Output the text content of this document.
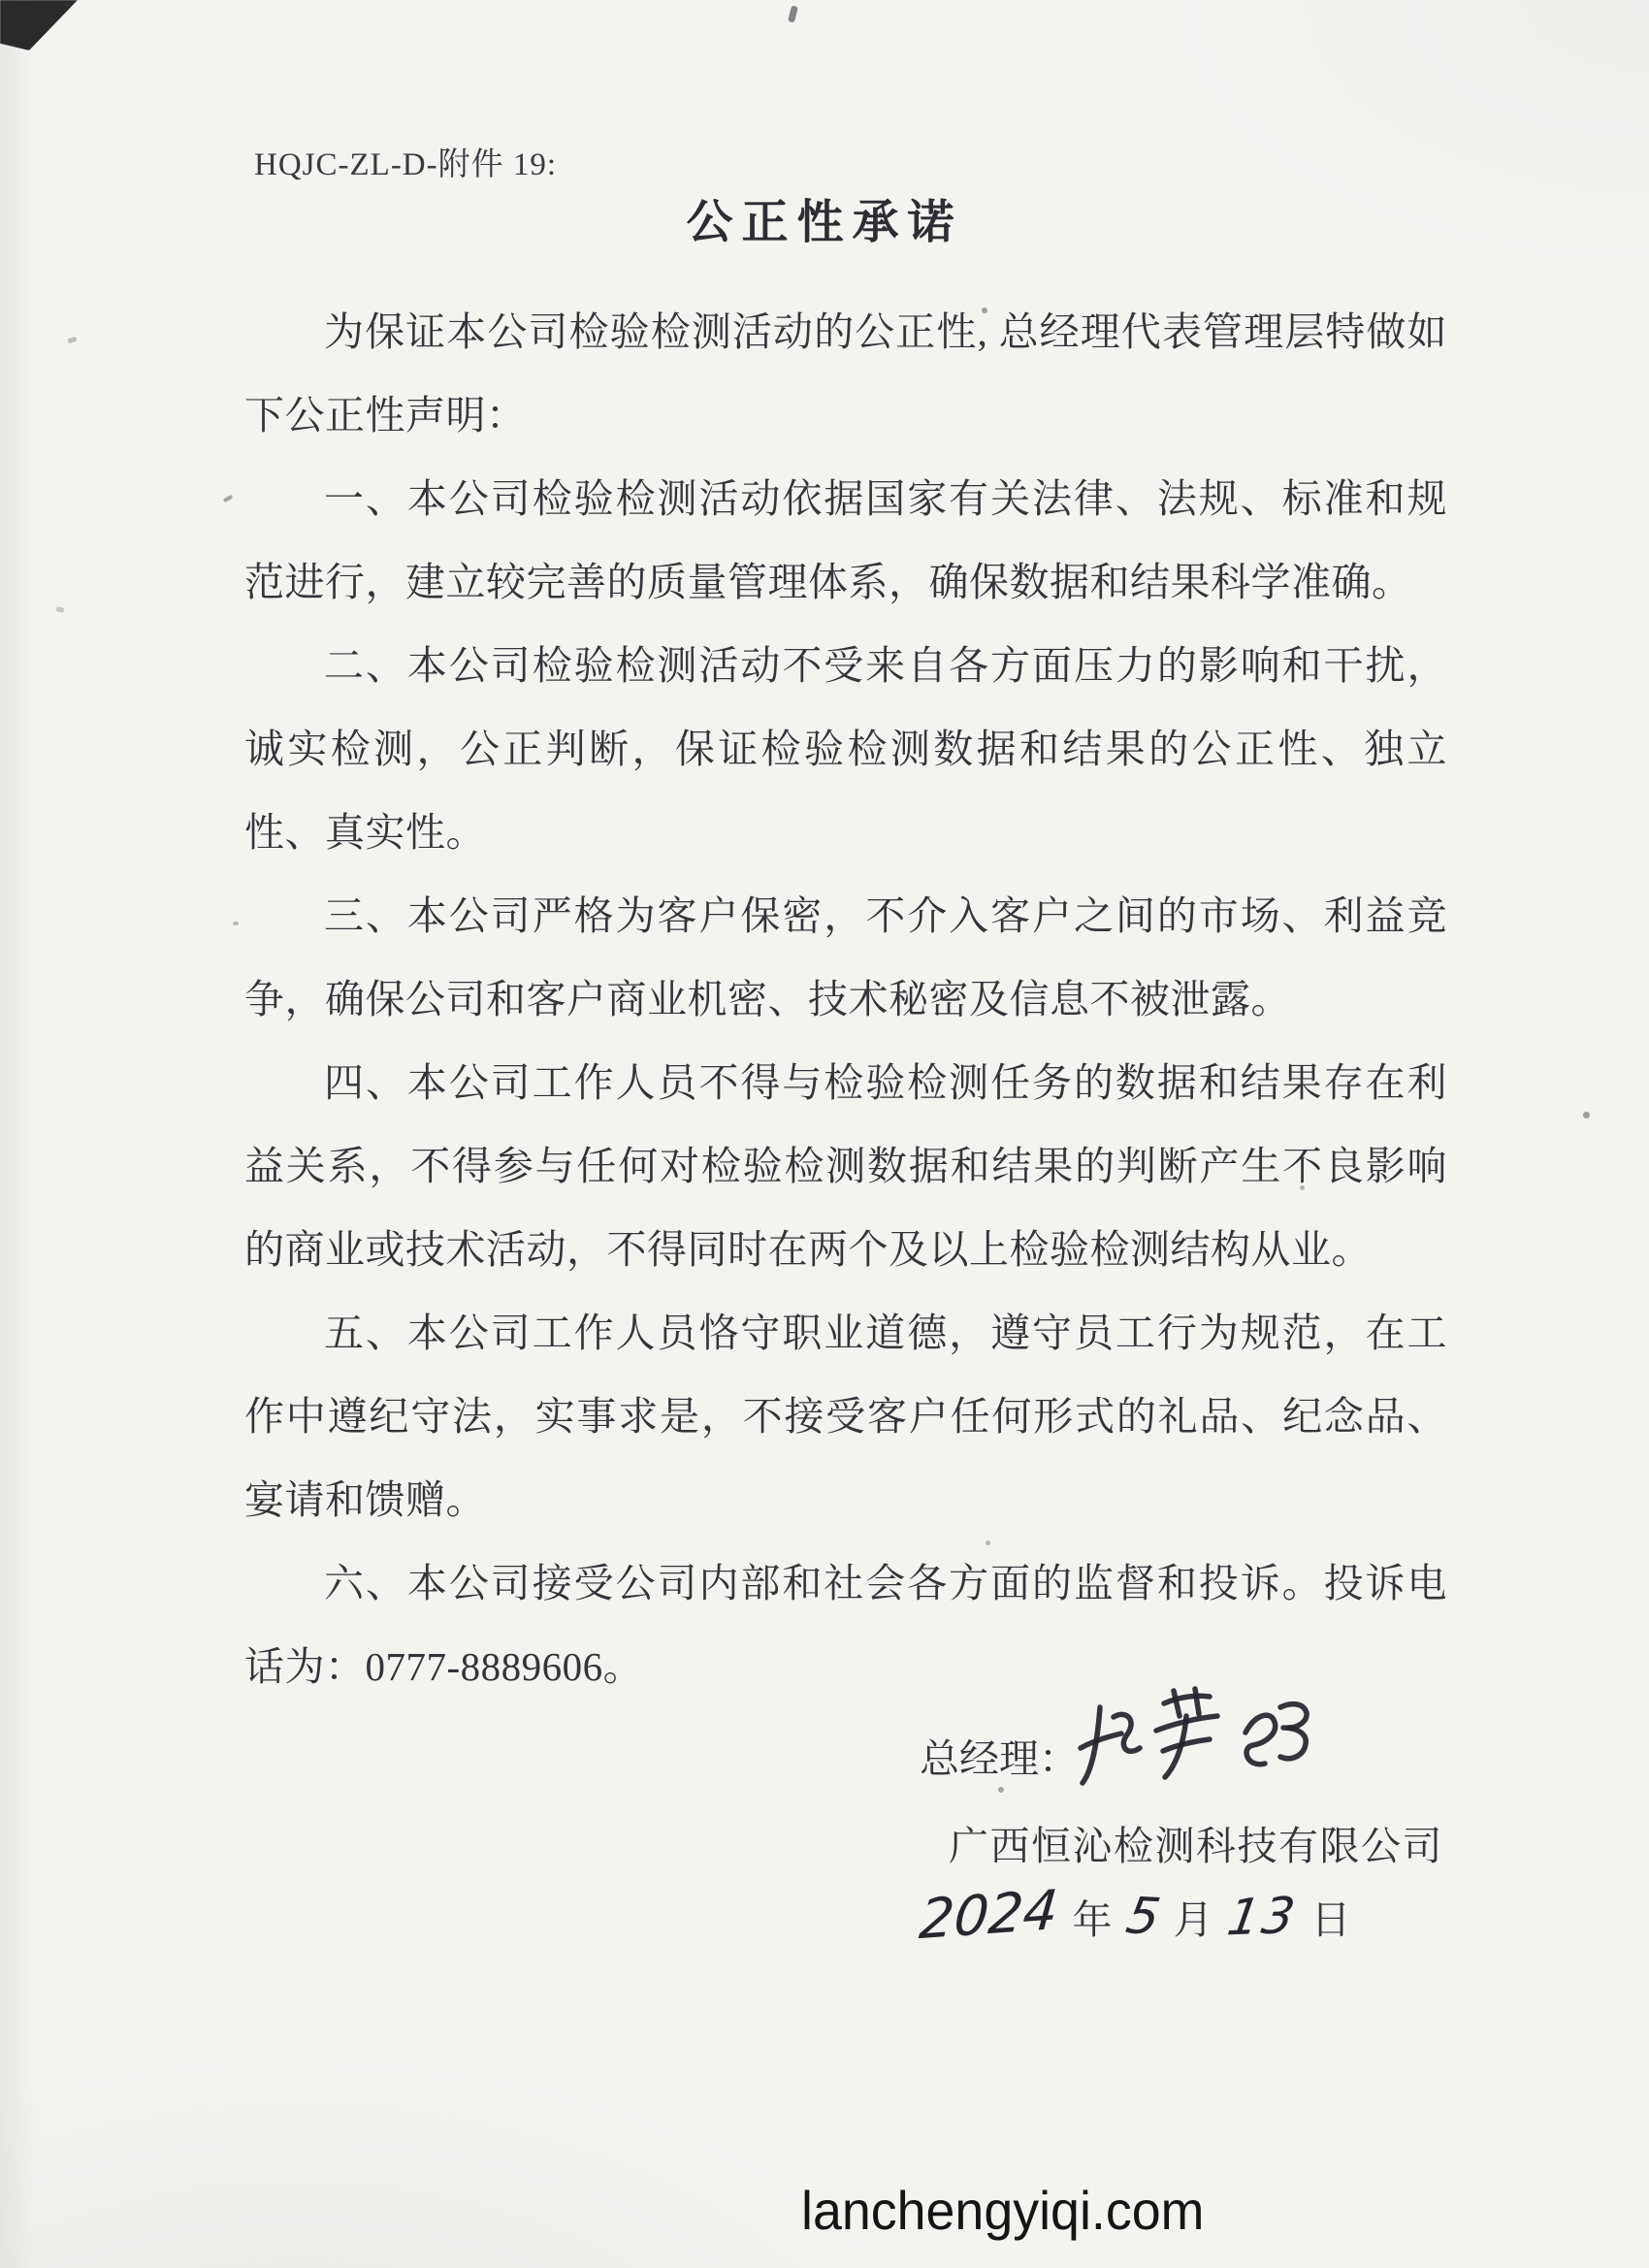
HQJC-ZL-D-附件 19:

公正性承诺

为保证本公司检验检测活动的公正性, 总经理代表管理层特做如下公正性声明：

一、本公司检验检测活动依据国家有关法律、法规、标准和规范进行，建立较完善的质量管理体系，确保数据和结果科学准确。

二、本公司检验检测活动不受来自各方面压力的影响和干扰，诚实检测，公正判断，保证检验检测数据和结果的公正性、独立性、真实性。

三、本公司严格为客户保密，不介入客户之间的市场、利益竞争，确保公司和客户商业机密、技术秘密及信息不被泄露。

四、本公司工作人员不得与检验检测任务的数据和结果存在利益关系，不得参与任何对检验检测数据和结果的判断产生不良影响的商业或技术活动，不得同时在两个及以上检验检测结构从业。

五、本公司工作人员恪守职业道德，遵守员工行为规范，在工作中遵纪守法，实事求是，不接受客户任何形式的礼品、纪念品、宴请和馈赠。

六、本公司接受公司内部和社会各方面的监督和投诉。投诉电话为：0777-8889606。

总经理：
广西恒沁检测科技有限公司
2024 年 5 月 13 日
lanchengyiqi.com
